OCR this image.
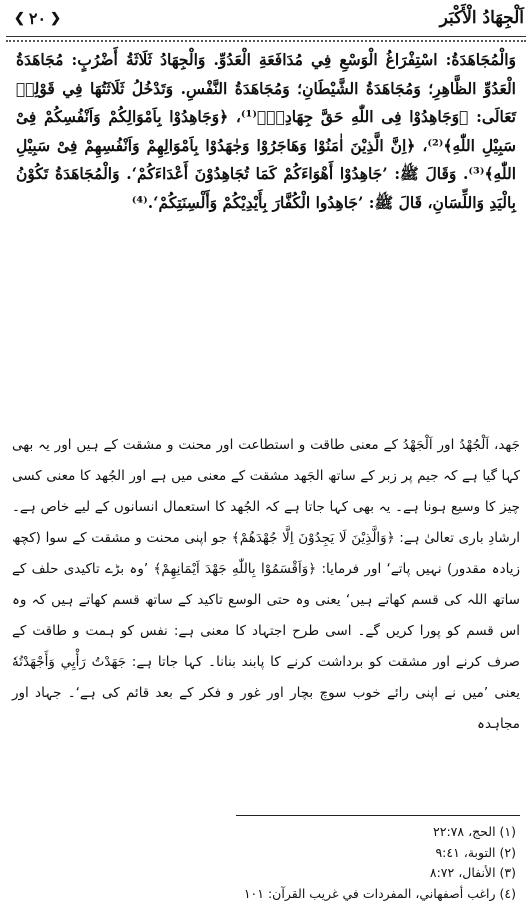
❮ ٢٠ ❯	اَلْجِهَادُ الْأَكْبَر
وَالْمُجَاهَدَةُ: اسْتِفْرَاغُ الْوَسْعِ فِي مُدَافَعَةِ الْعَدُوِّ. وَالْجِهَادُ ثَلَاثَةُ أَضْرُبٍ: مُجَاهَدَةُ الْعَدُوِّ الظَّاهِرِ؛ وَمُجَاهَدَةُ الشَّيْطَانِ؛ وَمُجَاهَدَةُ النَّفْسِ. وَتَدْخُلُ ثَلَاثَتُهَا فِي قَوْلِهٖ تَعَالَى: ﴿وَجَاهِدُوْا فِى اللّٰهِ حَقَّ جِهَادِهٖ﴾⁽¹⁾، ﴿وَجَاهِدُوْا بِاَمْوَالِكُمْ وَاَنْفُسِكُمْ فِىْ سَبِيْلِ اللّٰهِ﴾⁽²⁾، ﴿اِنَّ الَّذِيْنَ اٰمَنُوْا وَهَاجَرُوْا وَجٰهَدُوْا بِاَمْوَالِهِمْ وَاَنْفُسِهِمْ فِىْ سَبِيْلِ اللّٰهِ﴾⁽³⁾. وَقَالَ ﷺ: ’جَاهِدُوْا أَهْوَاءَكُمْ كَمَا تُجَاهِدُوْنَ أَعْدَاءَكُمْ‘. وَالْمُجَاهَدَةُ تَكُوْنُ بِالْيَدِ وَاللِّسَانِ، قَالَ ﷺ: ’جَاهِدُوا الْكُفَّارَ بِأَيْدِيْكُمْ وَأَلْسِنَتِكُمْ‘.⁽⁴⁾
جَهد، اَلْجُهْدُ اور اَلْجَهْدُ کے معنی طاقت و استطاعت اور محنت و مشقت کے ہیں اور یہ بھی کہا گیا ہے کہ جیم پر زبر کے ساتھ الجَهد مشقت کے معنی میں ہے اور الجُهد کا معنی کسی چیز کا وسیع ہونا ہے۔ یہ بھی کہا جاتا ہے کہ الجُهد کا استعمال انسانوں کے لیے خاص ہے۔ ارشادِ باری تعالیٰ ہے: ﴿وَالَّذِيْنَ لَا يَجِدُوْنَ اِلَّا جُهْدَهُمْ﴾ جو اپنی محنت و مشقت کے سوا (کچھ زیادہ مقدور) نہیں پاتے‘ اور فرمایا: ﴿وَاَقْسَمُوْا بِاللّٰهِ جَهْدَ اَيْمَانِهِمْ﴾ ’وہ بڑے تاکیدی حلف کے ساتھ اللہ کی قسم کھاتے ہیں‘ یعنی وہ حتی الوسع تاکید کے ساتھ قسم کھاتے ہیں کہ وہ اس قسم کو پورا کریں گے۔ اسی طرح اجتہاد کا معنی ہے: نفس کو ہمت و طاقت کے صرف کرنے اور مشقت کو برداشت کرنے کا پابند بنانا۔ کہا جاتا ہے: جَهَدْتُ رَأْيِي وَأَجْهَدْتُهٗ یعنی ’میں نے اپنی رائے خوب سوچ بچار اور غور و فکر کے بعد قائم کی ہے‘۔ جہاد اور مجاہدہ
(١) الحج، ٢٢:٧٨
(٢) التوبة، ٩:٤١
(٣) الأنفال، ٨:٧٢
(٤) راغب أصفهاني، المفردات في غريب القرآن: ١٠١
